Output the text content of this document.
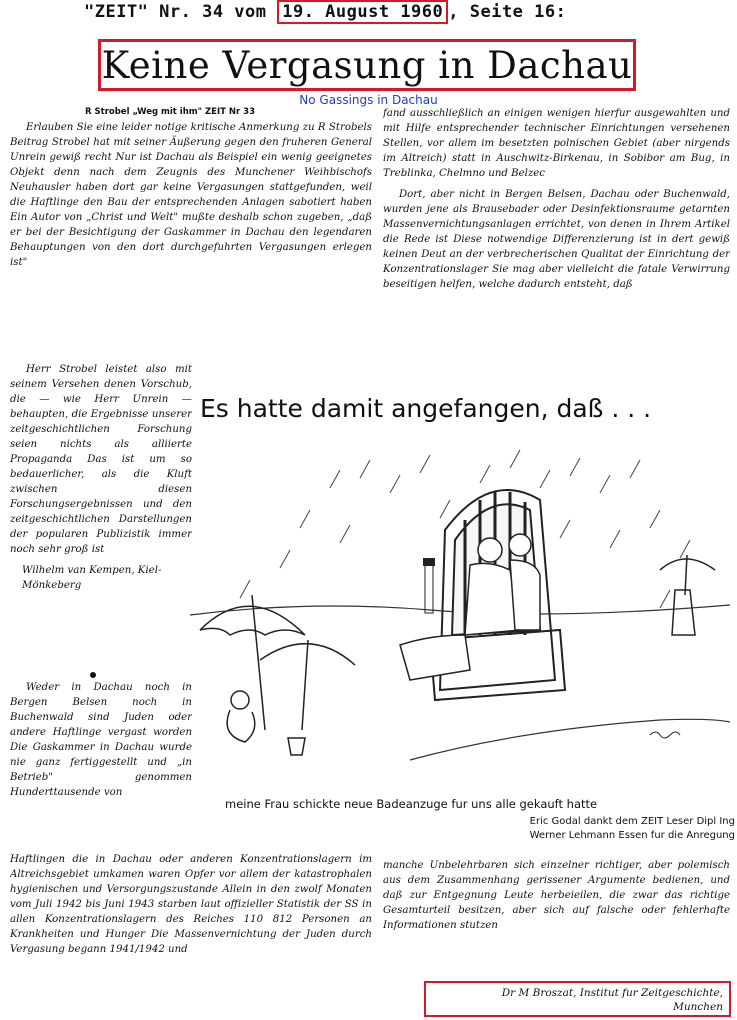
"ZEIT" Nr. 34 vom 19. August 1960 , Seite 16:
Keine Vergasung in Dachau
No Gassings in Dachau
R Strobel „Weg mit ihm" ZEIT Nr 33

Erlauben Sie eine leider notige kritische Anmerkung zu R Strobels Beitrag Strobel hat mit seiner Äußerung gegen den fruheren General Unrein gewiß recht Nur ist Dachau als Beispiel ein wenig geeignetes Objekt denn nach dem Zeugnis des Munchener Weihbischofs Neuhausler haben dort gar keine Vergasungen stattgefunden, weil die Haftlinge den Bau der entsprechenden Anlagen sabotiert haben Ein Autor von „Christ und Welt" mußte deshalb schon zugeben, „daß er bei der Besichtigung der Gaskammer in Dachau den legendaren Behauptungen von den dort durchgefuhrten Vergasungen erlegen ist"

Herr Strobel leistet also mit seinem Versehen denen Vorschub, die — wie Herr Unrein — behaupten, die Ergebnisse unserer zeitgeschichtlichen Forschung seien nichts als alliierte Propaganda Das ist um so bedauerlicher, als die Kluft zwischen diesen Forschungsergebnissen und den zeitgeschichtlichen Darstellungen der popularen Publizistik immer noch sehr groß ist

Wilhelm van Kempen, Kiel-Mönkeberg

Weder in Dachau noch in Bergen Belsen noch in Buchenwald sind Juden oder andere Haftlinge vergast worden Die Gaskammer in Dachau wurde nie ganz fertiggestellt und „in Betrieb" genommen Hunderttausende von

fand ausschließlich an einigen wenigen hierfur ausgewahlten und mit Hilfe entsprechender technischer Einrichtungen versehenen Stellen, vor allem im besetzten polnischen Gebiet (aber nirgends im Altreich) statt in Auschwitz-Birkenau, in Sobibor am Bug, in Treblinka, Chelmno und Belzec

Dort, aber nicht in Bergen Belsen, Dachau oder Buchenwald, wurden jene als Brausebader oder Desinfektionsraume getarnten Massenvernichtungsanlagen errichtet, von denen in Ihrem Artikel die Rede ist Diese notwendige Differenzierung ist in dert gewiß keinen Deut an der verbrecherischen Qualitat der Einrichtung der Konzentrationslager Sie mag aber vielleicht die fatale Verwirrung beseitigen helfen, welche dadurch entsteht, daß

Es hatte damit angefangen, daß . . .
meine Frau schickte neue Badeanzuge fur uns alle gekauft hatte
Eric Godal dankt dem ZEIT Leser Dipl Ing
Werner Lehmann Essen fur die Anregung

Haftlingen die in Dachau oder anderen Konzentrationslagern im Altreichsgebiet umkamen waren Opfer vor allem der katastrophalen hygienischen und Versorgungszustande Allein in den zwolf Monaten vom Juli 1942 bis Juni 1943 starben laut offizieller Statistik der SS in allen Konzentrationslagern des Reiches 110 812 Personen an Krankheiten und Hunger Die Massenvernichtung der Juden durch Vergasung begann 1941/1942 und

manche Unbelehrbaren sich einzelner richtiger, aber polemisch aus dem Zusammenhang gerissener Argumente bedienen, und daß zur Entgegnung Leute herbeieilen, die zwar das richtige Gesamturteil besitzen, aber sich auf falsche oder fehlerhafte Informationen stutzen

Dr M Broszat, Institut fur Zeitgeschichte,
Munchen
